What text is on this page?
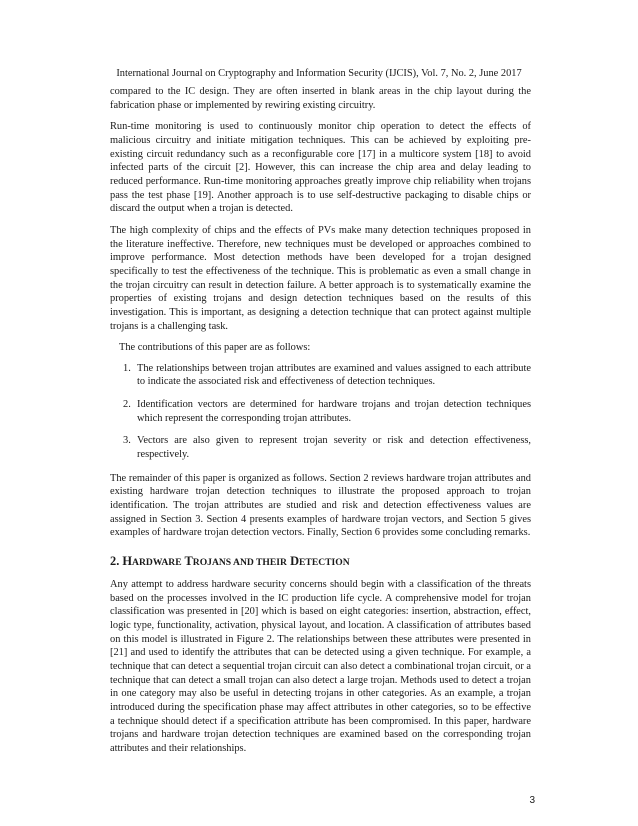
International Journal on Cryptography and Information Security (IJCIS), Vol. 7, No. 2, June 2017

compared to the IC design. They are often inserted in blank areas in the chip layout during the fabrication phase or implemented by rewiring existing circuitry.

Run-time monitoring is used to continuously monitor chip operation to detect the effects of malicious circuitry and initiate mitigation techniques. This can be achieved by exploiting pre-existing circuit redundancy such as a reconfigurable core [17] in a multicore system [18] to avoid infected parts of the circuit [2]. However, this can increase the chip area and delay leading to reduced performance. Run-time monitoring approaches greatly improve chip reliability when trojans pass the test phase [19]. Another approach is to use self-destructive packaging to disable chips or discard the output when a trojan is detected.

The high complexity of chips and the effects of PVs make many detection techniques proposed in the literature ineffective. Therefore, new techniques must be developed or approaches combined to improve performance. Most detection methods have been developed for a trojan designed specifically to test the effectiveness of the technique. This is problematic as even a small change in the trojan circuitry can result in detection failure. A better approach is to systematically examine the properties of existing trojans and design detection techniques based on the results of this investigation. This is important, as designing a detection technique that can protect against multiple trojans is a challenging task.

The contributions of this paper are as follows:

1. The relationships between trojan attributes are examined and values assigned to each attribute to indicate the associated risk and effectiveness of detection techniques.
2. Identification vectors are determined for hardware trojans and trojan detection techniques which represent the corresponding trojan attributes.
3. Vectors are also given to represent trojan severity or risk and detection effectiveness, respectively.

The remainder of this paper is organized as follows. Section 2 reviews hardware trojan attributes and existing hardware trojan detection techniques to illustrate the proposed approach to trojan identification. The trojan attributes are studied and risk and detection effectiveness values are assigned in Section 3. Section 4 presents examples of hardware trojan vectors, and Section 5 gives examples of hardware trojan detection vectors. Finally, Section 6 provides some concluding remarks.

2. HARDWARE TROJANS AND THEIR DETECTION

Any attempt to address hardware security concerns should begin with a classification of the threats based on the processes involved in the IC production life cycle. A comprehensive model for trojan classification was presented in [20] which is based on eight categories: insertion, abstraction, effect, logic type, functionality, activation, physical layout, and location. A classification of attributes based on this model is illustrated in Figure 2. The relationships between these attributes were presented in [21] and used to identify the attributes that can be detected using a given technique. For example, a technique that can detect a sequential trojan circuit can also detect a combinational trojan circuit, or a technique that can detect a small trojan can also detect a large trojan. Methods used to detect a trojan in one category may also be useful in detecting trojans in other categories. As an example, a trojan introduced during the specification phase may affect attributes in other categories, so to be effective a technique should detect if a specification attribute has been compromised. In this paper, hardware trojans and hardware trojan detection techniques are examined based on the corresponding trojan attributes and their relationships.

3
